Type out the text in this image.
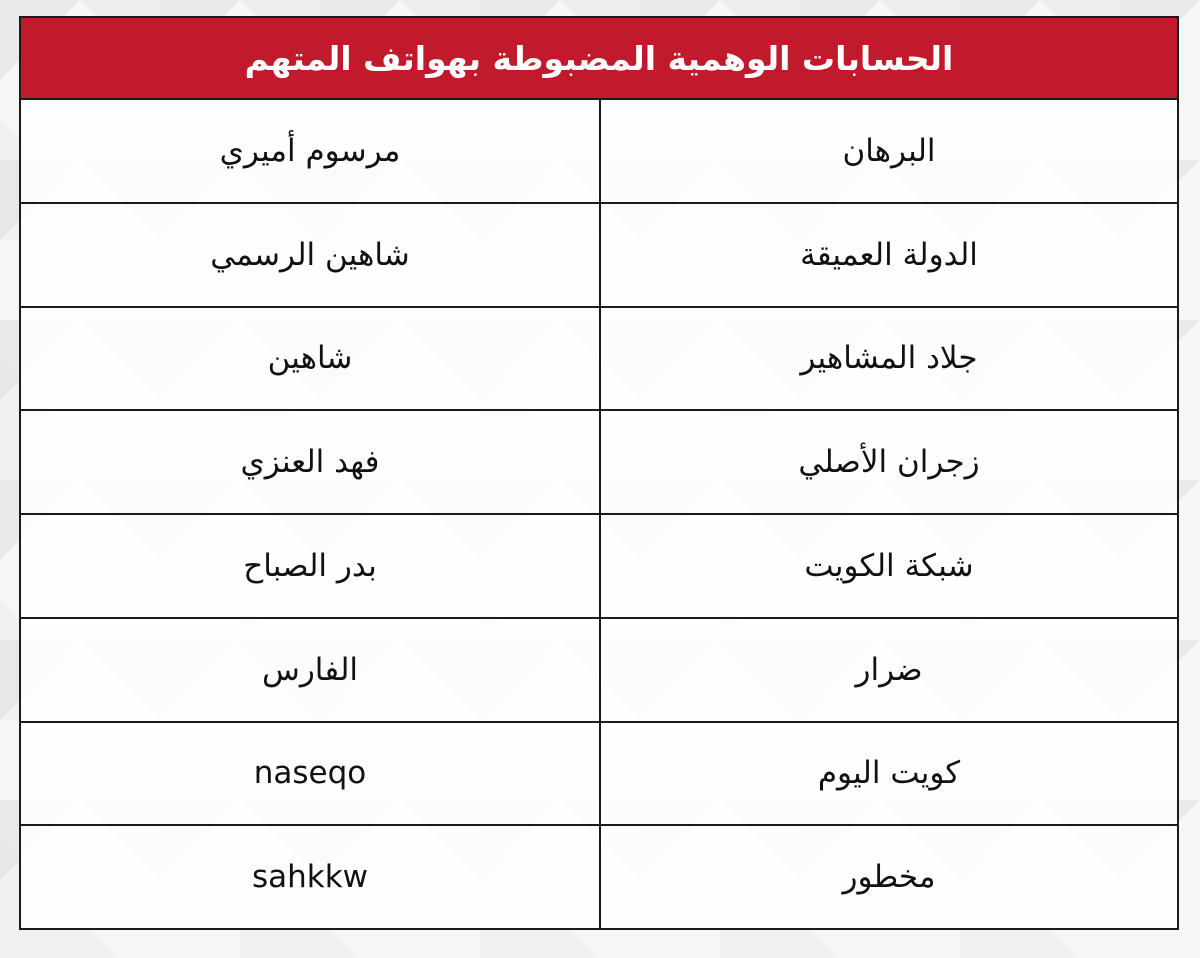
الحسابات الوهمية المضبوطة بهواتف المتهم
البرهان
مرسوم أميري
الدولة العميقة
شاهين الرسمي
جلاد المشاهير
شاهين
زجران الأصلي
فهد العنزي
شبكة الكويت
بدر الصباح
ضرار
الفارس
كويت اليوم
naseqo
مخطور
sahkkw
